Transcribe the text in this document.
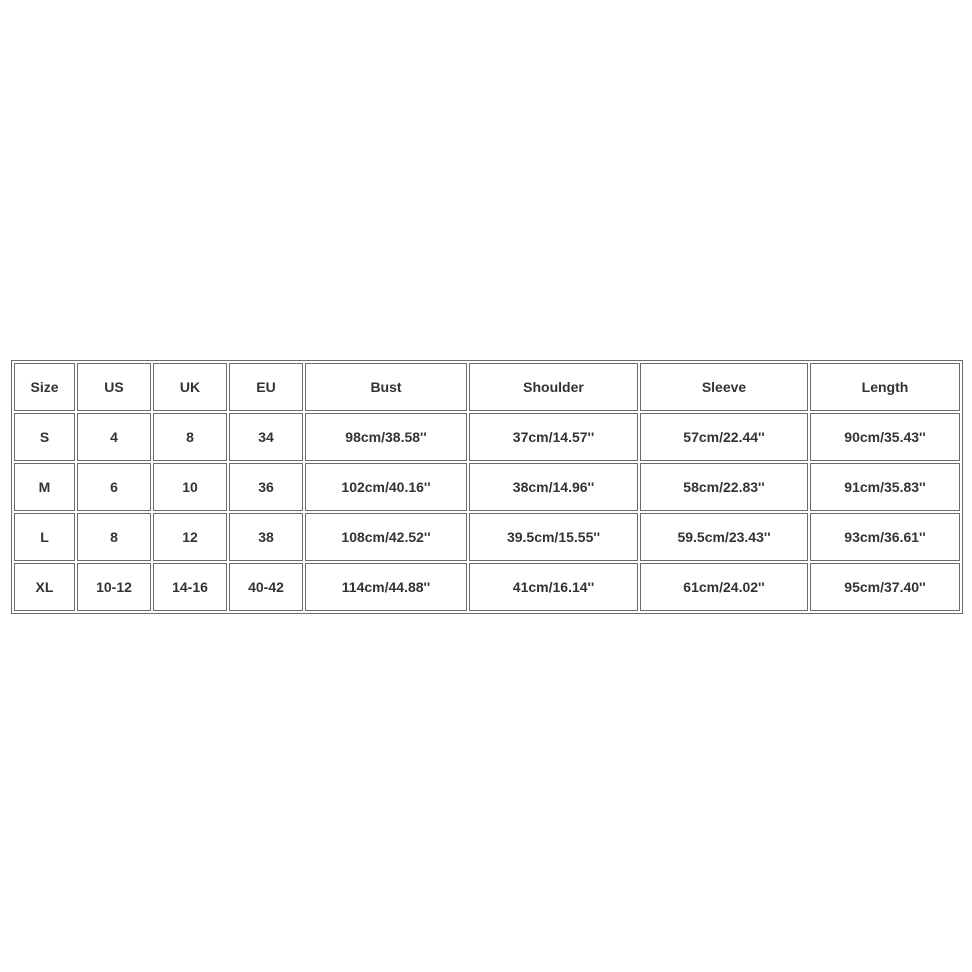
Size	US	UK	EU	Bust	Shoulder	Sleeve	Length
S	4	8	34	98cm/38.58''	37cm/14.57''	57cm/22.44''	90cm/35.43''
M	6	10	36	102cm/40.16''	38cm/14.96''	58cm/22.83''	91cm/35.83''
L	8	12	38	108cm/42.52''	39.5cm/15.55''	59.5cm/23.43''	93cm/36.61''
XL	10-12	14-16	40-42	114cm/44.88''	41cm/16.14''	61cm/24.02''	95cm/37.40''
